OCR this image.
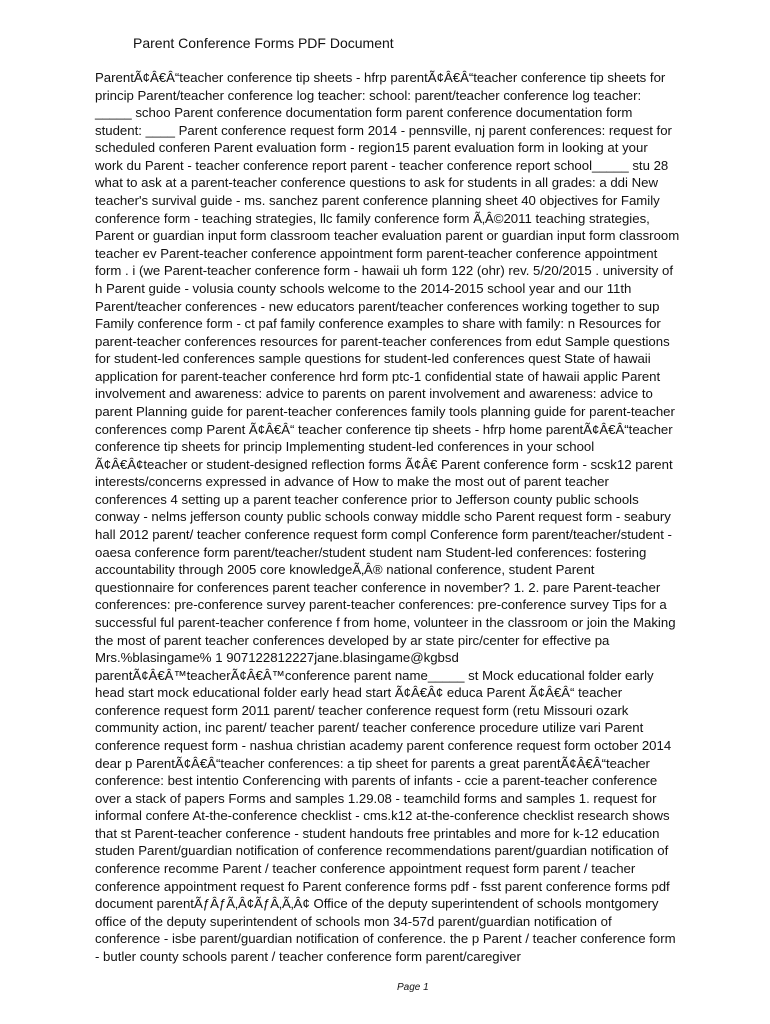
Parent Conference Forms PDF Document
ParentÃ¢Â€Â“teacher conference tip sheets - hfrp parentÃ¢Â€Â“teacher conference tip sheets for
princip Parent/teacher conference log teacher: school: parent/teacher conference log teacher:
_____ schoo Parent conference documentation form parent conference documentation form
student: ____ Parent conference request form 2014 - pennsville, nj parent conferences: request for
scheduled conferen Parent evaluation form - region15 parent evaluation form in looking at your
work du Parent - teacher conference report parent - teacher conference report school_____ stu 28
what to ask at a parent-teacher conference questions to ask for students in all grades: a ddi New
teacher's survival guide - ms. sanchez parent conference planning sheet 40 objectives for Family
conference form - teaching strategies, llc family conference form Ã‚Â©2011 teaching strategies,
Parent or guardian input form classroom teacher evaluation parent or guardian input form classroom
teacher ev Parent-teacher conference appointment form parent-teacher conference appointment
form . i (we Parent-teacher conference form - hawaii uh form 122 (ohr) rev. 5/20/2015 . university of
h Parent guide - volusia county schools welcome to the 2014-2015 school year and our 11th
Parent/teacher conferences - new educators parent/teacher conferences working together to sup
Family conference form - ct paf family conference examples to share with family: n Resources for
parent-teacher conferences resources for parent-teacher conferences from edut Sample questions
for student-led conferences sample questions for student-led conferences quest State of hawaii
application for parent-teacher conference hrd form ptc-1 confidential state of hawaii applic Parent
involvement and awareness: advice to parents on parent involvement and awareness: advice to
parent Planning guide for parent-teacher conferences family tools planning guide for parent-teacher
conferences comp Parent Ã¢Â€Â“ teacher conference tip sheets - hfrp home parentÃ¢Â€Â“teacher
conference tip sheets for princip Implementing student-led conferences in your school
Ã¢Â€Â¢teacher or student-designed reflection forms Ã¢Â€ Parent conference form - scsk12 parent
interests/concerns expressed in advance of How to make the most out of parent teacher
conferences 4 setting up a parent teacher conference prior to Jefferson county public schools
conway - nelms jefferson county public schools conway middle scho Parent request form - seabury
hall 2012 parent/ teacher conference request form compl Conference form parent/teacher/student -
oaesa conference form parent/teacher/student student nam Student-led conferences: fostering
accountability through 2005 core knowledgeÃ‚Â® national conference, student Parent
questionnaire for conferences parent teacher conference in november? 1. 2. pare Parent-teacher
conferences: pre-conference survey parent-teacher conferences: pre-conference survey Tips for a
successful ful parent-teacher conference f from home, volunteer in the classroom or join the Making
the most of parent teacher conferences developed by ar state pirc/center for effective pa
Mrs.%blasingame% 1 907122812227jane.blasingame@kgbsd
parentÃ¢Â€Â™teacherÃ¢Â€Â™conference parent name_____ st Mock educational folder early
head start mock educational folder early head start Ã¢Â€Â¢ educa Parent Ã¢Â€Â“ teacher
conference request form 2011 parent/ teacher conference request form (retu Missouri ozark
community action, inc parent/ teacher parent/ teacher conference procedure utilize vari Parent
conference request form - nashua christian academy parent conference request form october 2014
dear p ParentÃ¢Â€Â“teacher conferences: a tip sheet for parents a great parentÃ¢Â€Â“teacher
conference: best intentio Conferencing with parents of infants - ccie a parent-teacher conference
over a stack of papers Forms and samples 1.29.08 - teamchild forms and samples 1. request for
informal confere At-the-conference checklist - cms.k12 at-the-conference checklist research shows
that st Parent-teacher conference - student handouts free printables and more for k-12 education
studen Parent/guardian notification of conference recommendations parent/guardian notification of
conference recomme Parent / teacher conference appointment request form parent / teacher
conference appointment request fo Parent conference forms pdf - fsst parent conference forms pdf
document parentÃƒÂƒÃ‚Â¢ÃƒÂ‚Ã‚Â¢ Office of the deputy superintendent of schools montgomery
office of the deputy superintendent of schools mon 34-57d parent/guardian notification of
conference - isbe parent/guardian notification of conference. the p Parent / teacher conference form
- butler county schools parent / teacher conference form parent/caregiver
Page 1
